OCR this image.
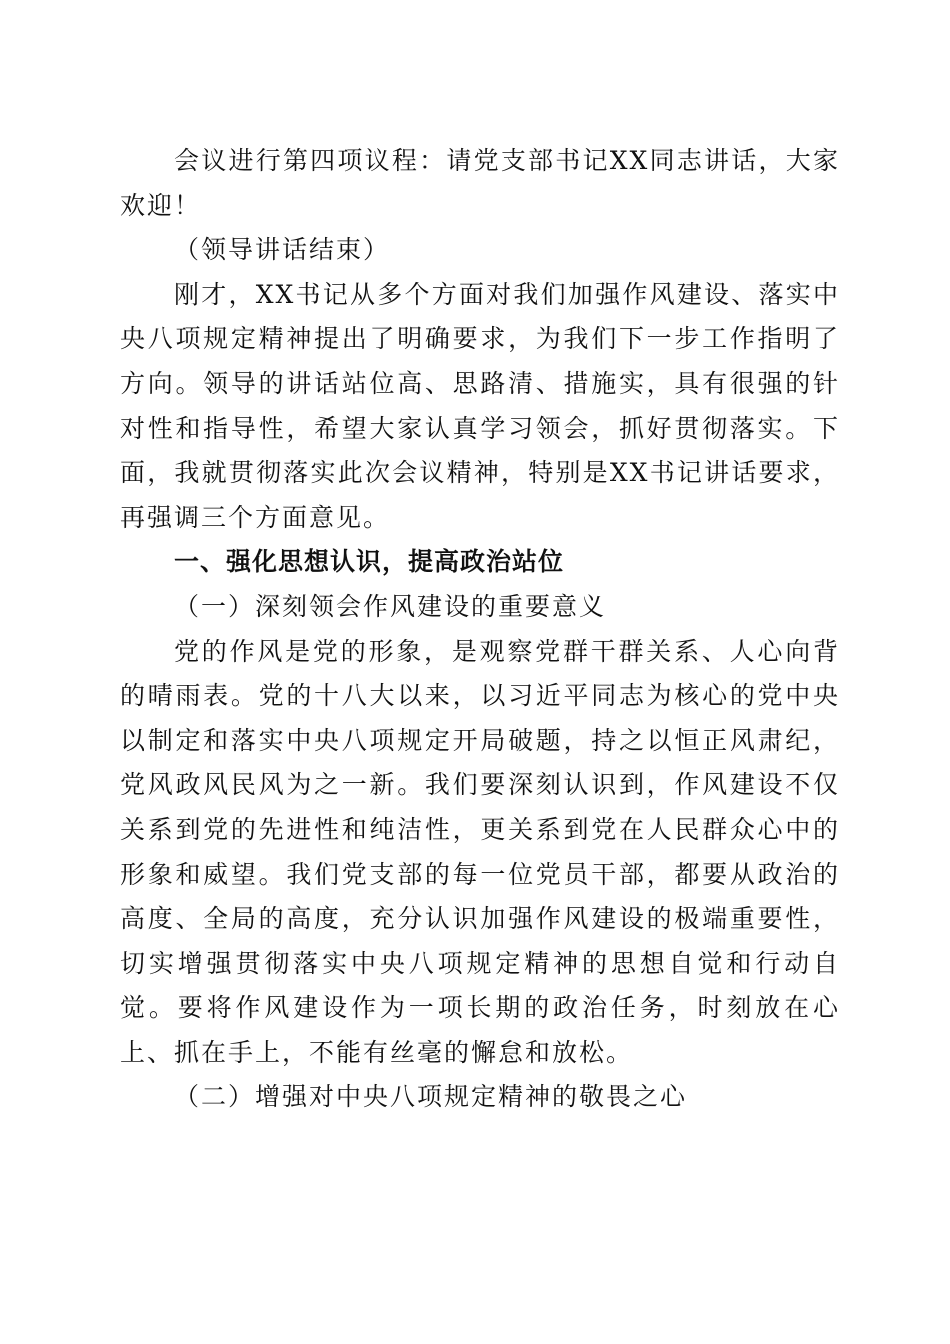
会议进行第四项议程：请党支部书记XX同志讲话，大家欢迎！

（领导讲话结束）

刚才，XX书记从多个方面对我们加强作风建设、落实中央八项规定精神提出了明确要求，为我们下一步工作指明了方向。领导的讲话站位高、思路清、措施实，具有很强的针对性和指导性，希望大家认真学习领会，抓好贯彻落实。下面，我就贯彻落实此次会议精神，特别是XX书记讲话要求，再强调三个方面意见。

一、强化思想认识，提高政治站位

（一）深刻领会作风建设的重要意义

党的作风是党的形象，是观察党群干群关系、人心向背的晴雨表。党的十八大以来，以习近平同志为核心的党中央以制定和落实中央八项规定开局破题，持之以恒正风肃纪，党风政风民风为之一新。我们要深刻认识到，作风建设不仅关系到党的先进性和纯洁性，更关系到党在人民群众心中的形象和威望。我们党支部的每一位党员干部，都要从政治的高度、全局的高度，充分认识加强作风建设的极端重要性，切实增强贯彻落实中央八项规定精神的思想自觉和行动自觉。要将作风建设作为一项长期的政治任务，时刻放在心上、抓在手上，不能有丝毫的懈怠和放松。

（二）增强对中央八项规定精神的敬畏之心
